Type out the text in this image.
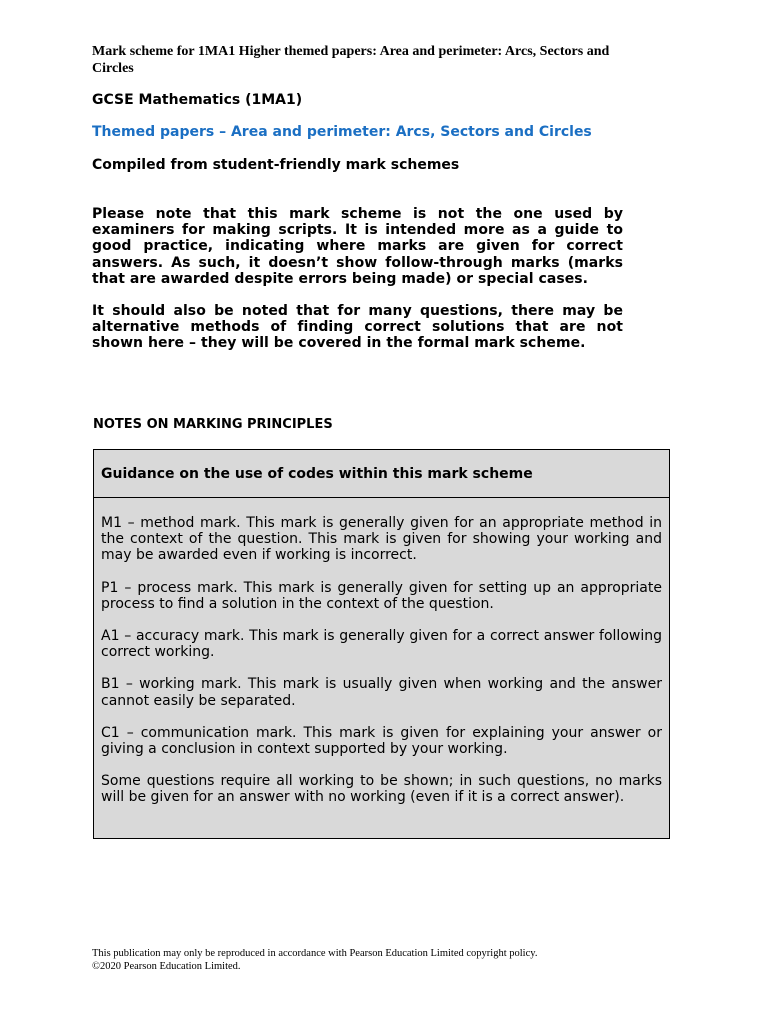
Mark scheme for 1MA1 Higher themed papers: Area and perimeter: Arcs, Sectors and Circles

GCSE Mathematics (1MA1)

Themed papers – Area and perimeter: Arcs, Sectors and Circles

Compiled from student-friendly mark schemes

Please note that this mark scheme is not the one used by examiners for making scripts. It is intended more as a guide to good practice, indicating where marks are given for correct answers. As such, it doesn’t show follow-through marks (marks that are awarded despite errors being made) or special cases.

It should also be noted that for many questions, there may be alternative methods of finding correct solutions that are not shown here – they will be covered in the formal mark scheme.

NOTES ON MARKING PRINCIPLES

Guidance on the use of codes within this mark scheme

M1 – method mark. This mark is generally given for an appropriate method in the context of the question. This mark is given for showing your working and may be awarded even if working is incorrect.

P1 – process mark. This mark is generally given for setting up an appropriate process to find a solution in the context of the question.

A1 – accuracy mark. This mark is generally given for a correct answer following correct working.

B1 – working mark. This mark is usually given when working and the answer cannot easily be separated.

C1 – communication mark. This mark is given for explaining your answer or giving a conclusion in context supported by your working.

Some questions require all working to be shown; in such questions, no marks will be given for an answer with no working (even if it is a correct answer).

This publication may only be reproduced in accordance with Pearson Education Limited copyright policy.
©2020 Pearson Education Limited.
